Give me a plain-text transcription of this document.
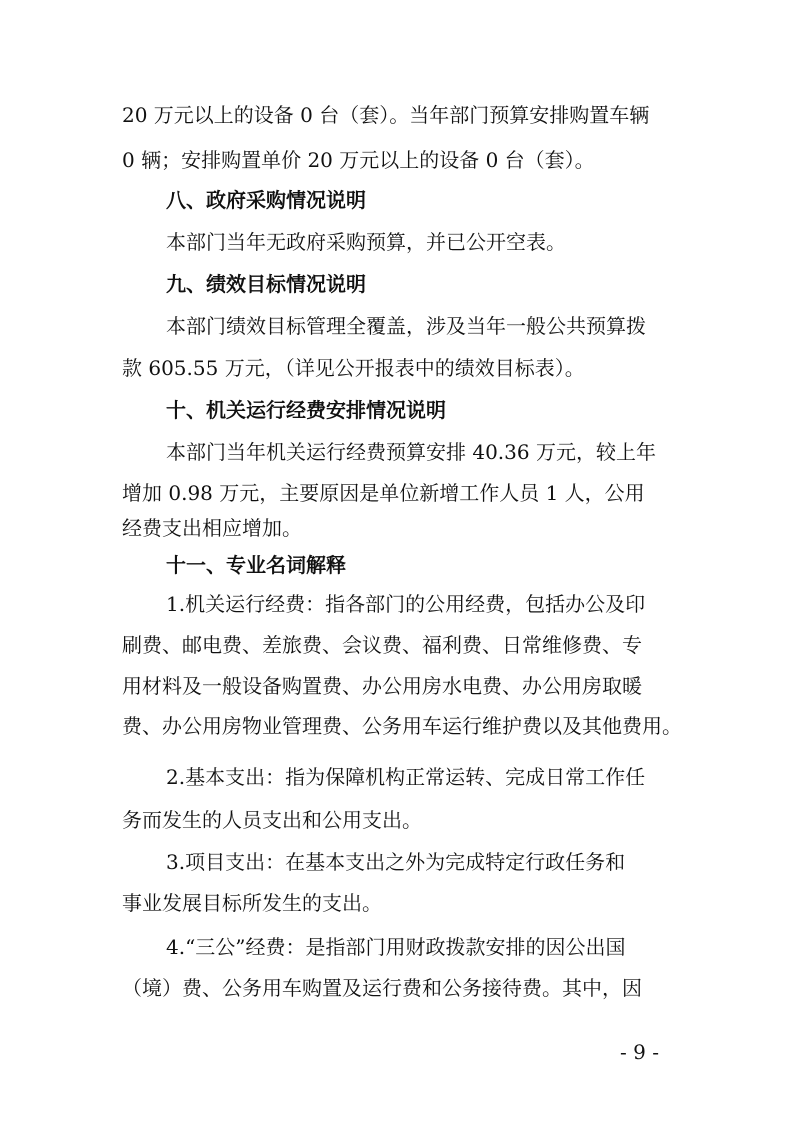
20 万元以上的设备 0 台（套）。当年部门预算安排购置车辆
0 辆；安排购置单价 20 万元以上的设备 0 台（套）。
八、政府采购情况说明
本部门当年无政府采购预算，并已公开空表。
九、绩效目标情况说明
本部门绩效目标管理全覆盖，涉及当年一般公共预算拨
款 605.55 万元，（详见公开报表中的绩效目标表）。
十、机关运行经费安排情况说明
本部门当年机关运行经费预算安排 40.36 万元，较上年
增加 0.98 万元，主要原因是单位新增工作人员 1 人，公用
经费支出相应增加。
十一、专业名词解释
1.机关运行经费：指各部门的公用经费，包括办公及印
刷费、邮电费、差旅费、会议费、福利费、日常维修费、专
用材料及一般设备购置费、办公用房水电费、办公用房取暖
费、办公用房物业管理费、公务用车运行维护费以及其他费用。
2.基本支出：指为保障机构正常运转、完成日常工作任
务而发生的人员支出和公用支出。
3.项目支出：在基本支出之外为完成特定行政任务和
事业发展目标所发生的支出。
4.“三公”经费：是指部门用财政拨款安排的因公出国
（境）费、公务用车购置及运行费和公务接待费。其中，因
- 9 -
